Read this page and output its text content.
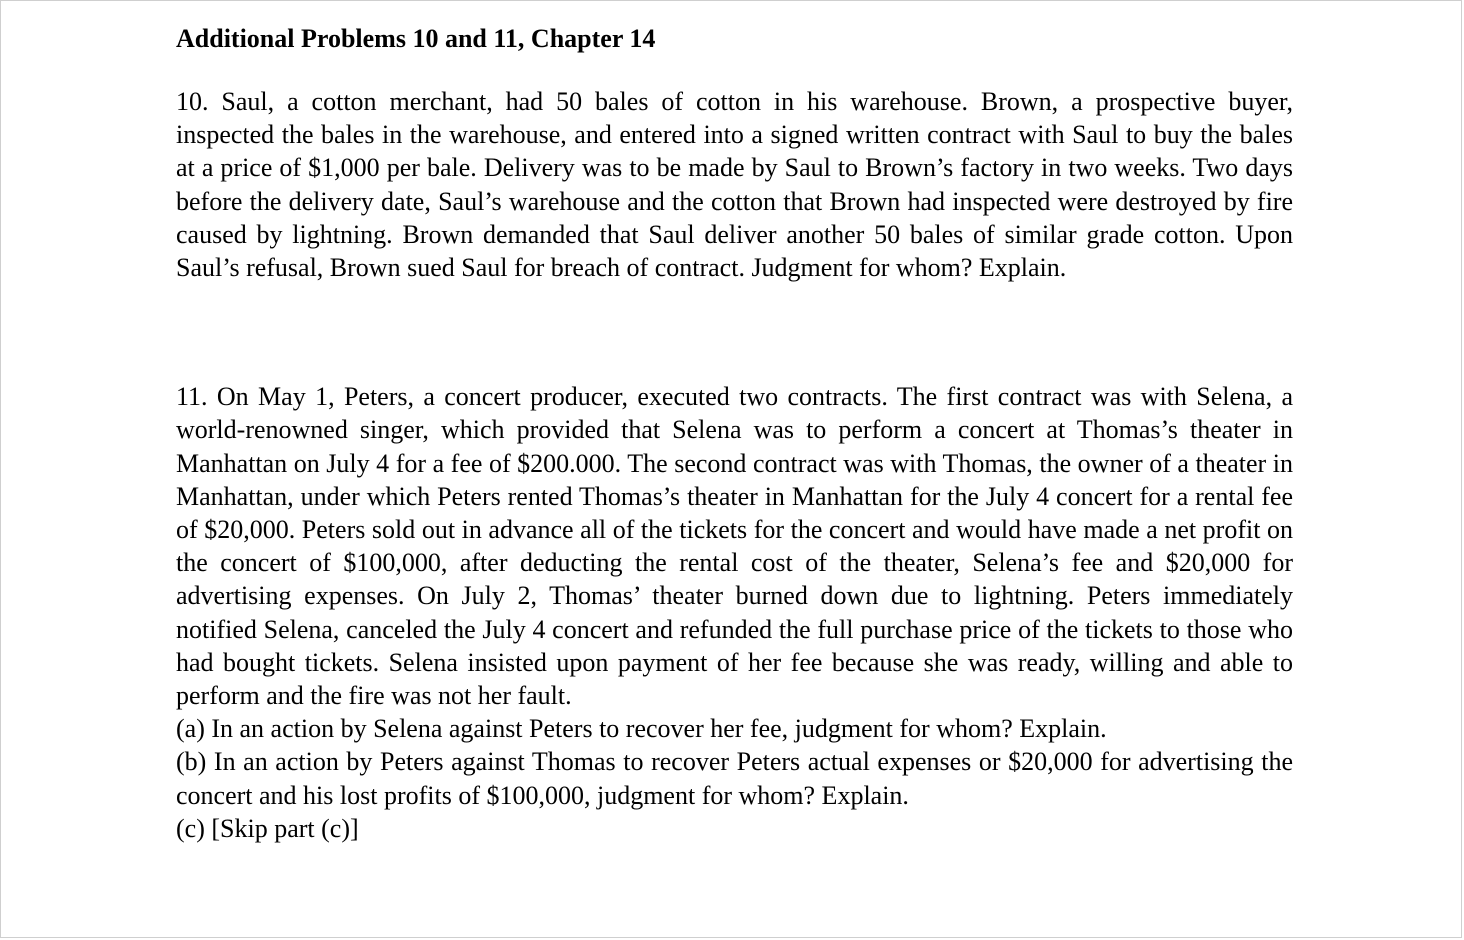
Additional Problems 10 and 11, Chapter 14

10. Saul, a cotton merchant, had 50 bales of cotton in his warehouse. Brown, a prospective buyer, inspected the bales in the warehouse, and entered into a signed written contract with Saul to buy the bales at a price of $1,000 per bale. Delivery was to be made by Saul to Brown’s factory in two weeks. Two days before the delivery date, Saul’s warehouse and the cotton that Brown had inspected were destroyed by fire caused by lightning. Brown demanded that Saul deliver another 50 bales of similar grade cotton. Upon Saul’s refusal, Brown sued Saul for breach of contract. Judgment for whom? Explain.

11. On May 1, Peters, a concert producer, executed two contracts. The first contract was with Selena, a world-renowned singer, which provided that Selena was to perform a concert at Thomas’s theater in Manhattan on July 4 for a fee of $200.000. The second contract was with Thomas, the owner of a theater in Manhattan, under which Peters rented Thomas’s theater in Manhattan for the July 4 concert for a rental fee of $20,000. Peters sold out in advance all of the tickets for the concert and would have made a net profit on the concert of $100,000, after deducting the rental cost of the theater, Selena’s fee and $20,000 for advertising expenses. On July 2, Thomas’ theater burned down due to lightning. Peters immediately notified Selena, canceled the July 4 concert and refunded the full purchase price of the tickets to those who had bought tickets. Selena insisted upon payment of her fee because she was ready, willing and able to perform and the fire was not her fault.

(a) In an action by Selena against Peters to recover her fee, judgment for whom? Explain.

(b) In an action by Peters against Thomas to recover Peters actual expenses or $20,000 for advertising the concert and his lost profits of $100,000, judgment for whom? Explain.

(c) [Skip part (c)]
